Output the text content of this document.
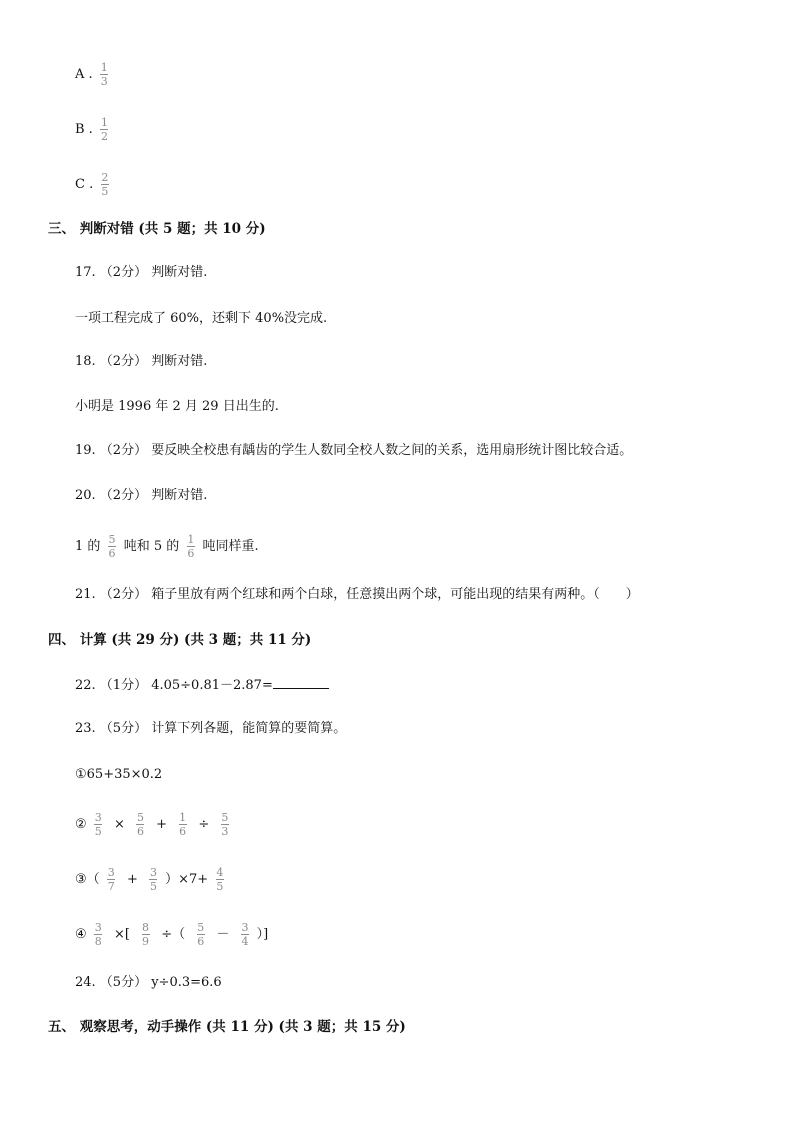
A . $\frac{1}{3}$
B . $\frac{1}{2}$
C . $\frac{2}{5}$
三、 判断对错 (共 5 题；共 10 分)
17. （2分） 判断对错.
一项工程完成了 60%，还剩下 40%没完成.
18. （2分） 判断对错.
小明是 1996 年 2 月 29 日出生的.
19. （2分） 要反映全校患有龋齿的学生人数同全校人数之间的关系，选用扇形统计图比较合适。
20. （2分） 判断对错.
1 的 $\frac{5}{6}$ 吨和 5 的 $\frac{1}{6}$ 吨同样重.
21. （2分） 箱子里放有两个红球和两个白球，任意摸出两个球，可能出现的结果有两种。（　　）
四、 计算 (共 29 分) (共 3 题；共 11 分)
22. （1分） 4.05÷0.81－2.87=
23. （5分） 计算下列各题，能简算的要简算。
①65+35×0.2
② $\frac{3}{5} \times \frac{5}{6} + \frac{1}{6} \div \frac{5}{3}$
③（ $\frac{3}{7} + \frac{3}{5} )\times 7+ \frac{4}{5}$
④ $\frac{3}{8}$ ×[ $\frac{8}{9}$ ÷（ $\frac{5}{6} - \frac{3}{4}$ ）]
24. （5分） y÷0.3=6.6
五、 观察思考，动手操作 (共 11 分) (共 3 题；共 15 分)
